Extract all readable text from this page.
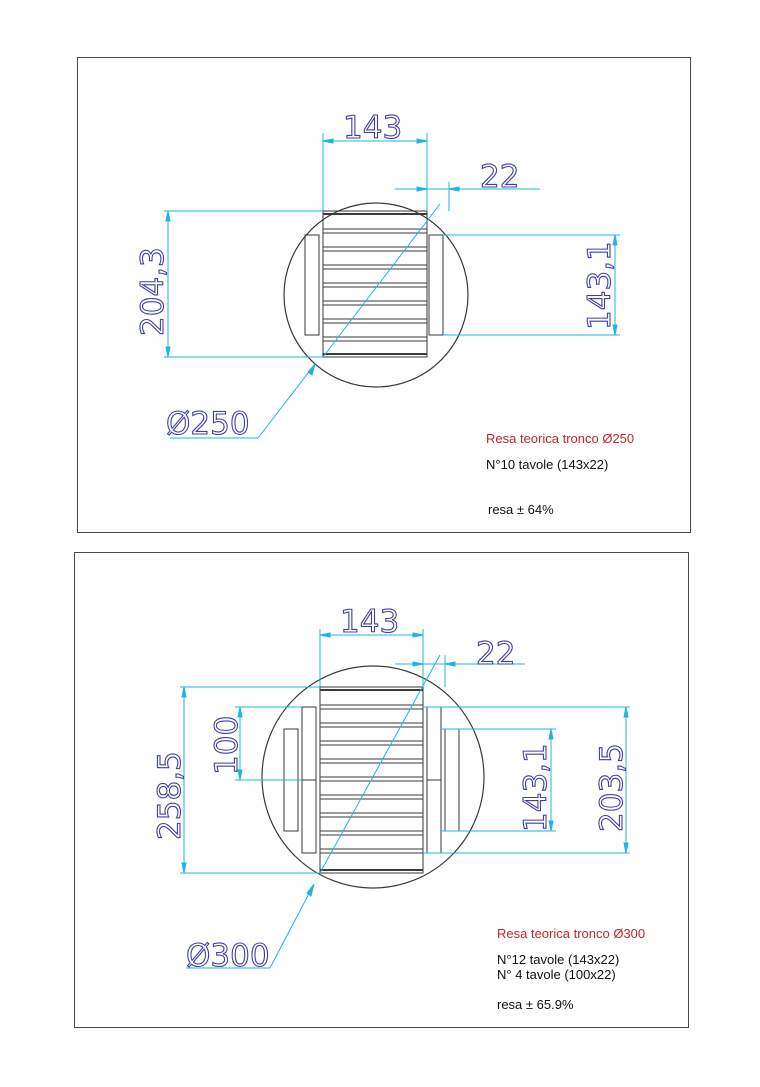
143
22
204,3	143,1
Ø250	Resa teorica tronco Ø250
N°10 tavole (143x22)
resa ± 64%
143
22
258,5
100	143,1 203,5
Ø300
Resa teorica tronco Ø300
N°12 tavole (143x22)
N° 4 tavole (100x22)
resa ± 65.9%
